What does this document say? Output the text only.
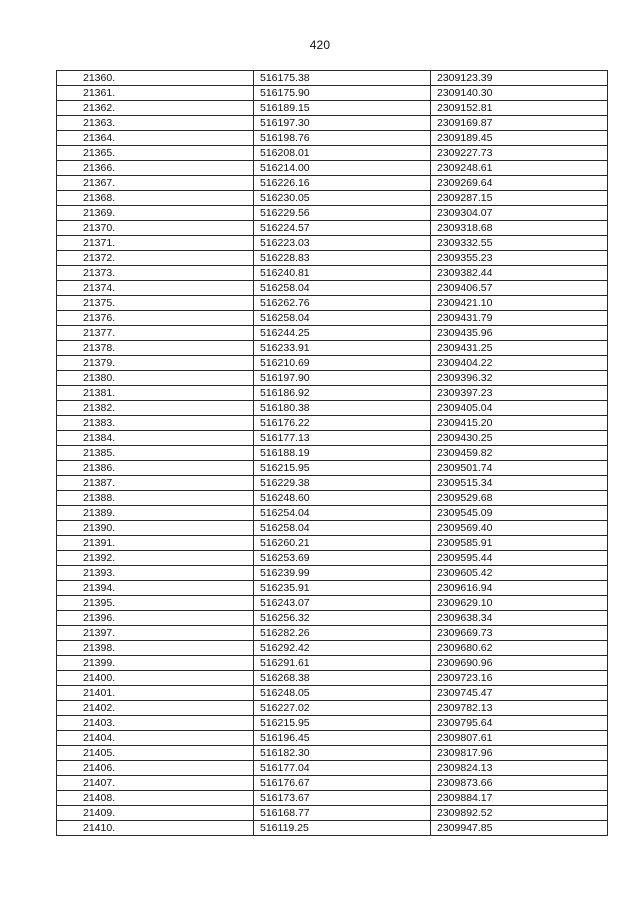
420
21360.	516175.38	2309123.39
21361.	516175.90	2309140.30
21362.	516189.15	2309152.81
21363.	516197.30	2309169.87
21364.	516198.76	2309189.45
21365.	516208.01	2309227.73
21366.	516214.00	2309248.61
21367.	516226.16	2309269.64
21368.	516230.05	2309287.15
21369.	516229.56	2309304.07
21370.	516224.57	2309318.68
21371.	516223.03	2309332.55
21372.	516228.83	2309355.23
21373.	516240.81	2309382.44
21374.	516258.04	2309406.57
21375.	516262.76	2309421.10
21376.	516258.04	2309431.79
21377.	516244.25	2309435.96
21378.	516233.91	2309431.25
21379.	516210.69	2309404.22
21380.	516197.90	2309396.32
21381.	516186.92	2309397.23
21382.	516180.38	2309405.04
21383.	516176.22	2309415.20
21384.	516177.13	2309430.25
21385.	516188.19	2309459.82
21386.	516215.95	2309501.74
21387.	516229.38	2309515.34
21388.	516248.60	2309529.68
21389.	516254.04	2309545.09
21390.	516258.04	2309569.40
21391.	516260.21	2309585.91
21392.	516253.69	2309595.44
21393.	516239.99	2309605.42
21394.	516235.91	2309616.94
21395.	516243.07	2309629.10
21396.	516256.32	2309638.34
21397.	516282.26	2309669.73
21398.	516292.42	2309680.62
21399.	516291.61	2309690.96
21400.	516268.38	2309723.16
21401.	516248.05	2309745.47
21402.	516227.02	2309782.13
21403.	516215.95	2309795.64
21404.	516196.45	2309807.61
21405.	516182.30	2309817.96
21406.	516177.04	2309824.13
21407.	516176.67	2309873.66
21408.	516173.67	2309884.17
21409.	516168.77	2309892.52
21410.	516119.25	2309947.85
